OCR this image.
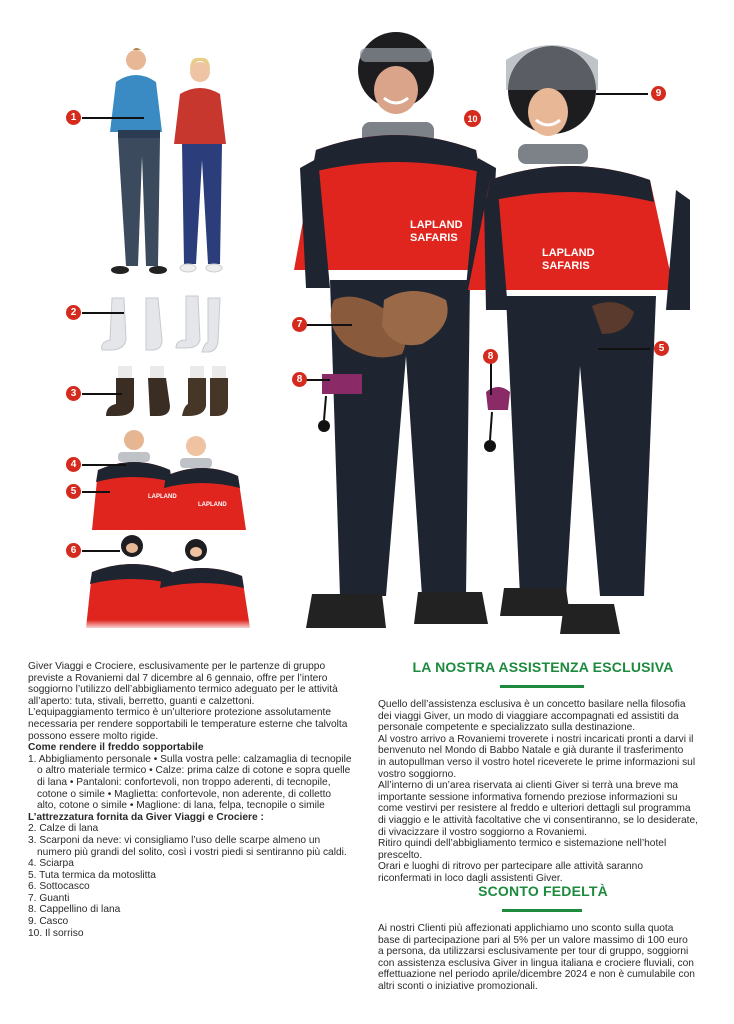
LAPLAND
LAPLAND
LAPLAND
SAFARIS
LAPLAND
SAFARIS
1
2
3
4
5
6
7
8
8
9
10
5

Giver Viaggi e Crociere, esclusivamente per le partenze di gruppo

previste a Rovaniemi dal 7 dicembre al 6 gennaio, offre per l’intero

soggiorno l’utilizzo dell’abbigliamento termico adeguato per le attività

all’aperto: tuta, stivali, berretto, guanti e calzettoni.

L’equipaggiamento termico è un’ulteriore protezione assolutamente

necessaria per rendere sopportabili le temperature esterne che talvolta

possono essere molto rigide.

Come rendere il freddo sopportabile

1. Abbigliamento personale • Sulla vostra pelle: calzamaglia di tecnopile

o altro materiale termico • Calze: prima calze di cotone e sopra quelle

di lana • Pantaloni: confortevoli, non troppo aderenti, di tecnopile,

cotone o simile • Maglietta: confortevole, non aderente, di colletto

alto, cotone o simile • Maglione: di lana, felpa, tecnopile o simile

L’attrezzatura fornita da Giver Viaggi e Crociere :

2. Calze di lana

3. Scarponi da neve: vi consigliamo l’uso delle scarpe almeno un

numero più grandi del solito, così i vostri piedi si sentiranno più caldi.

4. Sciarpa

5. Tuta termica da motoslitta

6. Sottocasco

7. Guanti

8. Cappellino di lana

9. Casco

10. Il sorriso

LA NOSTRA ASSISTENZA ESCLUSIVA

Quello dell’assistenza esclusiva è un concetto basilare nella filosofia

dei viaggi Giver, un modo di viaggiare accompagnati ed assistiti da

personale competente e specializzato sulla destinazione.

Al vostro arrivo a Rovaniemi troverete i nostri incaricati pronti a darvi il

benvenuto nel Mondo di Babbo Natale e già durante il trasferimento

in autopullman verso il vostro hotel riceverete le prime informazioni sul

vostro soggiorno.

All’interno di un’area riservata ai clienti Giver si terrà una breve ma

importante sessione informativa fornendo preziose informazioni su

come vestirvi per resistere al freddo e ulteriori dettagli sul programma

di viaggio e le attività facoltative che vi consentiranno, se lo desiderate,

di vivacizzare il vostro soggiorno a Rovaniemi.

Ritiro quindi dell’abbigliamento termico e sistemazione nell’hotel

prescelto.

Orari e luoghi di ritrovo per partecipare alle attività saranno

riconfermati in loco dagli assistenti Giver.

SCONTO FEDELTÀ

Ai nostri Clienti più affezionati applichiamo uno sconto sulla quota

base di partecipazione pari al 5% per un valore massimo di 100 euro

a persona, da utilizzarsi esclusivamente per tour di gruppo, soggiorni

con assistenza esclusiva Giver in lingua italiana e crociere fluviali, con

effettuazione nel periodo aprile/dicembre 2024 e non è cumulabile con

altri sconti o iniziative promozionali.
